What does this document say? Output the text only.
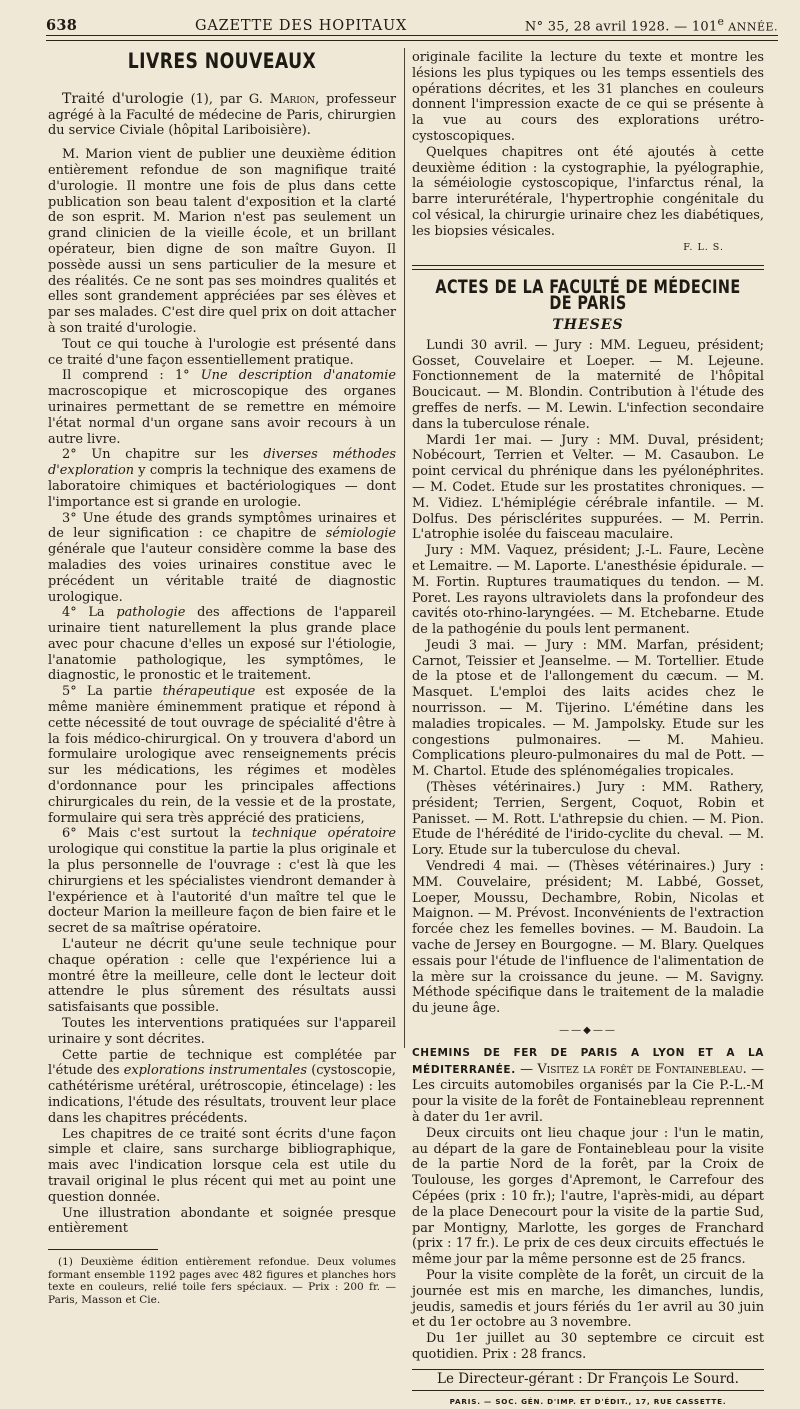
638	GAZETTE DES HOPITAUX	N° 35, 28 avril 1928. — 101e ANNÉE.
LIVRES NOUVEAUX

Traité d'urologie (1), par G. Marion, professeur agrégé à la Faculté de médecine de Paris, chirurgien du service Civiale (hôpital Lariboisière).

M. Marion vient de publier une deuxième édition entièrement refondue de son magnifique traité d'urologie. Il montre une fois de plus dans cette publication son beau talent d'exposition et la clarté de son esprit. M. Marion n'est pas seulement un grand clinicien de la vieille école, et un brillant opérateur, bien digne de son maître Guyon. Il possède aussi un sens particulier de la mesure et des réalités. Ce ne sont pas ses moindres qualités et elles sont grandement appréciées par ses élèves et par ses malades. C'est dire quel prix on doit attacher à son traité d'urologie.

Tout ce qui touche à l'urologie est présenté dans ce traité d'une façon essentiellement pratique.

Il comprend : 1° Une description d'anatomie macroscopique et microscopique des organes urinaires permettant de se remettre en mémoire l'état normal d'un organe sans avoir recours à un autre livre.

2° Un chapitre sur les diverses méthodes d'exploration y compris la technique des examens de laboratoire chimiques et bactériologiques — dont l'importance est si grande en urologie.

3° Une étude des grands symptômes urinaires et de leur signification : ce chapitre de sémiologie générale que l'auteur considère comme la base des maladies des voies urinaires constitue avec le précédent un véritable traité de diagnostic urologique.

4° La pathologie des affections de l'appareil urinaire tient naturellement la plus grande place avec pour chacune d'elles un exposé sur l'étiologie, l'anatomie pathologique, les symptômes, le diagnostic, le pronostic et le traitement.

5° La partie thérapeutique est exposée de la même manière éminemment pratique et répond à cette nécessité de tout ouvrage de spécialité d'être à la fois médico-chirurgical. On y trouvera d'abord un formulaire urologique avec renseignements précis sur les médications, les régimes et modèles d'ordonnance pour les principales affections chirurgicales du rein, de la vessie et de la prostate, formulaire qui sera très apprécié des praticiens,

6° Mais c'est surtout la technique opératoire urologique qui constitue la partie la plus originale et la plus personnelle de l'ouvrage : c'est là que les chirurgiens et les spécialistes viendront demander à l'expérience et à l'autorité d'un maître tel que le docteur Marion la meilleure façon de bien faire et le secret de sa maîtrise opératoire.

L'auteur ne décrit qu'une seule technique pour chaque opération : celle que l'expérience lui a montré être la meilleure, celle dont le lecteur doit attendre le plus sûrement des résultats aussi satisfaisants que possible.

Toutes les interventions pratiquées sur l'appareil urinaire y sont décrites.

Cette partie de technique est complétée par l'étude des explorations instrumentales (cystoscopie, cathétérisme urétéral, urétroscopie, étincelage) : les indications, l'étude des résultats, trouvent leur place dans les chapitres précédents.

Les chapitres de ce traité sont écrits d'une façon simple et claire, sans surcharge bibliographique, mais avec l'indication lorsque cela est utile du travail original le plus récent qui met au point une question donnée.

Une illustration abondante et soignée presque entièrement

(1) Deuxième édition entièrement refondue. Deux volumes formant ensemble 1192 pages avec 482 figures et planches hors texte en couleurs, relié toile fers spéciaux. — Prix : 200 fr. — Paris, Masson et Cie.

originale facilite la lecture du texte et montre les lésions les plus typiques ou les temps essentiels des opérations décrites, et les 31 planches en couleurs donnent l'impression exacte de ce qui se présente à la vue au cours des explorations urétro-cystoscopiques.

Quelques chapitres ont été ajoutés à cette deuxième édition : la cystographie, la pyélographie, la séméiologie cystoscopique, l'infarctus rénal, la barre interurétérale, l'hypertrophie congénitale du col vésical, la chirurgie urinaire chez les diabétiques, les biopsies vésicales.

F. L. S.
ACTES DE LA FACULTÉ DE MÉDECINE DE PARIS
THESES

Lundi 30 avril. — Jury : MM. Legueu, président; Gosset, Couvelaire et Loeper. — M. Lejeune. Fonctionnement de la maternité de l'hôpital Boucicaut. — M. Blondin. Contribution à l'étude des greffes de nerfs. — M. Lewin. L'infection secondaire dans la tuberculose rénale.

Mardi 1er mai. — Jury : MM. Duval, président; Nobécourt, Terrien et Velter. — M. Casaubon. Le point cervical du phrénique dans les pyélonéphrites. — M. Codet. Etude sur les prostatites chroniques. — M. Vidiez. L'hémiplégie cérébrale infantile. — M. Dolfus. Des périsclérites suppurées. — M. Perrin. L'atrophie isolée du faisceau maculaire.

Jury : MM. Vaquez, président; J.-L. Faure, Lecène et Lemaitre. — M. Laporte. L'anesthésie épidurale. — M. Fortin. Ruptures traumatiques du tendon. — M. Poret. Les rayons ultraviolets dans la profondeur des cavités oto-rhino-laryngées. — M. Etchebarne. Etude de la pathogénie du pouls lent permanent.

Jeudi 3 mai. — Jury : MM. Marfan, président; Carnot, Teissier et Jeanselme. — M. Tortellier. Etude de la ptose et de l'allongement du cæcum. — M. Masquet. L'emploi des laits acides chez le nourrisson. — M. Tijerino. L'émétine dans les maladies tropicales. — M. Jampolsky. Etude sur les congestions pulmonaires. — M. Mahieu. Complications pleuro-pulmonaires du mal de Pott. — M. Chartol. Etude des splénomégalies tropicales.

(Thèses vétérinaires.) Jury : MM. Rathery, président; Terrien, Sergent, Coquot, Robin et Panisset. — M. Rott. L'athrepsie du chien. — M. Pion. Etude de l'hérédité de l'irido-cyclite du cheval. — M. Lory. Etude sur la tuberculose du cheval.

Vendredi 4 mai. — (Thèses vétérinaires.) Jury : MM. Couvelaire, président; M. Labbé, Gosset, Loeper, Moussu, Dechambre, Robin, Nicolas et Maignon. — M. Prévost. Inconvénients de l'extraction forcée chez les femelles bovines. — M. Baudoin. La vache de Jersey en Bourgogne. — M. Blary. Quelques essais pour l'étude de l'influence de l'alimentation de la mère sur la croissance du jeune. — M. Savigny. Méthode spécifique dans le traitement de la maladie du jeune âge.

——◆——

CHEMINS DE FER DE PARIS A LYON ET A LA MÉDITERRANÉE. — Visitez la forêt de Fontainebleau. — Les circuits automobiles organisés par la Cie P.-L.-M pour la visite de la forêt de Fontainebleau reprennent à dater du 1er avril.

Deux circuits ont lieu chaque jour : l'un le matin, au départ de la gare de Fontainebleau pour la visite de la partie Nord de la forêt, par la Croix de Toulouse, les gorges d'Apremont, le Carrefour des Cépées (prix : 10 fr.); l'autre, l'après-midi, au départ de la place Denecourt pour la visite de la partie Sud, par Montigny, Marlotte, les gorges de Franchard (prix : 17 fr.). Le prix de ces deux circuits effectués le même jour par la même personne est de 25 francs.

Pour la visite complète de la forêt, un circuit de la journée est mis en marche, les dimanches, lundis, jeudis, samedis et jours fériés du 1er avril au 30 juin et du 1er octobre au 3 novembre.

Du 1er juillet au 30 septembre ce circuit est quotidien. Prix : 28 francs.

Le Directeur-gérant : Dr François Le Sourd.
PARIS. — SOC. GÉN. D'IMP. ET D'ÉDIT., 17, RUE CASSETTE.
